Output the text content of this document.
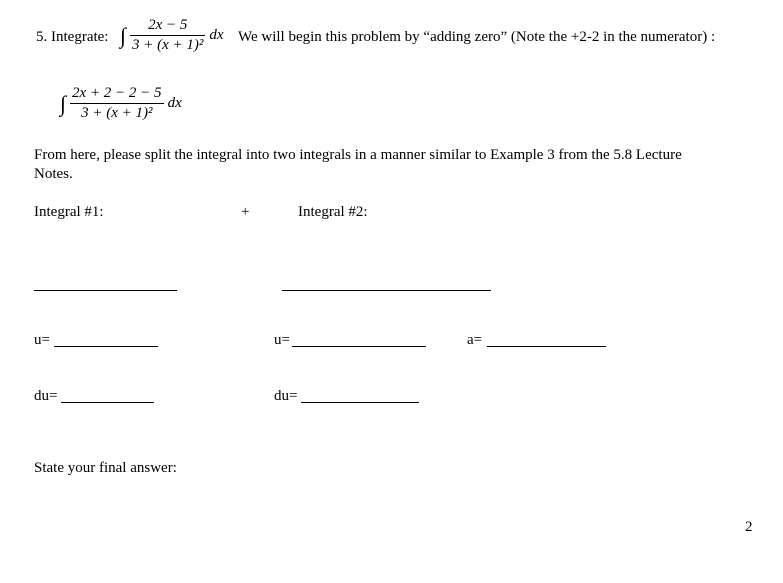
5. Integrate: ∫ $\frac{2x - 5}{\text{3 + (x + 1)²}}$ dx We will begin this problem by “adding zero” (Note the +2-2 in the numerator) :
∫ $\frac{2x + 2 - 2 - 5}{\text{3 + (x + 1)²}}$ dx
From here, please split the integral into two integrals in a manner similar to Example 3 from the 5.8 Lecture
Notes.
Integral #1:	+	Integral #2:
u=	u=	a=
du=	du=
State your final answer:
2
